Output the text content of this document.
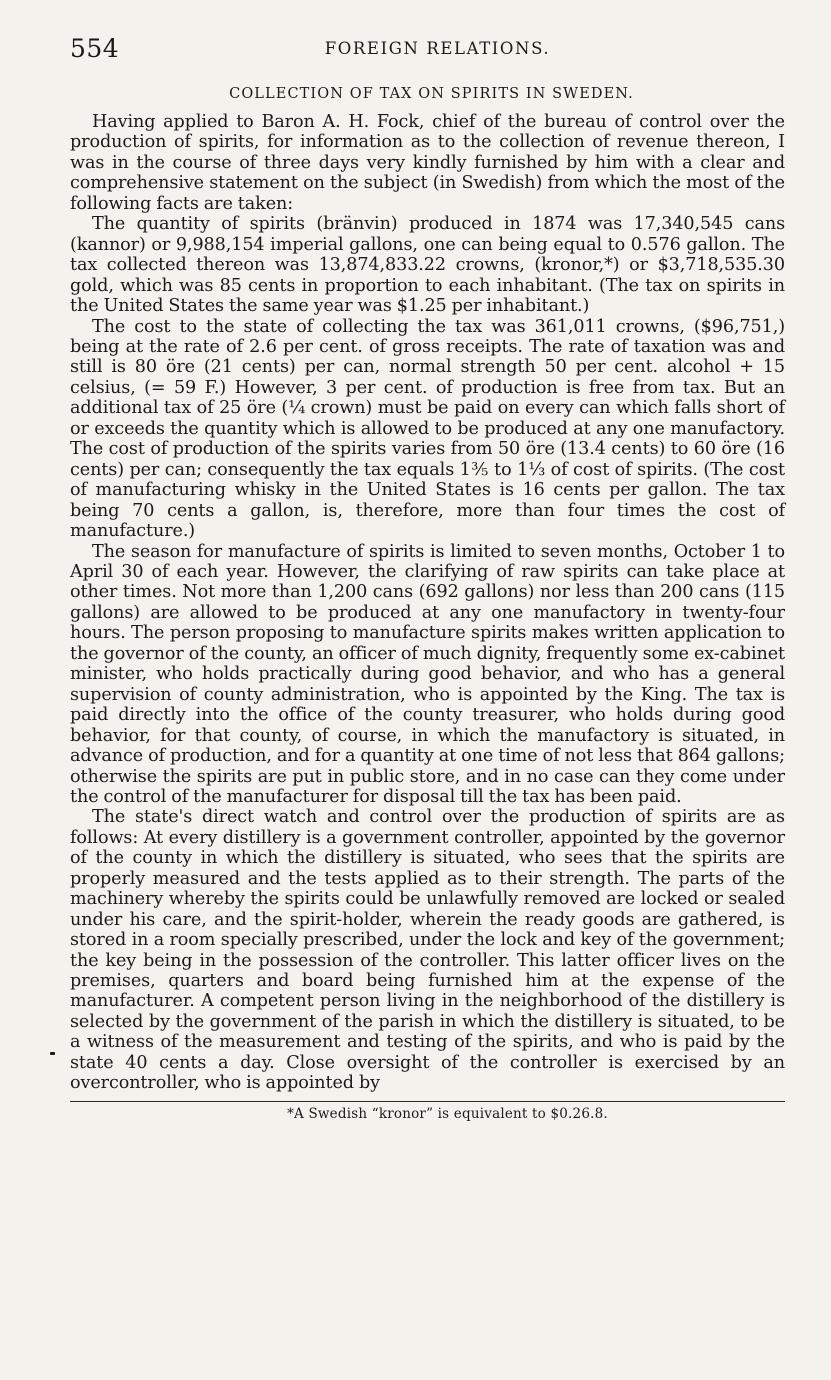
554	FOREIGN RELATIONS.
COLLECTION OF TAX ON SPIRITS IN SWEDEN.

Having applied to Baron A. H. Fock, chief of the bureau of control over the production of spirits, for information as to the collection of revenue thereon, I was in the course of three days very kindly furnished by him with a clear and comprehensive statement on the subject (in Swedish) from which the most of the following facts are taken:

The quantity of spirits (bränvin) produced in 1874 was 17,340,545 cans (kannor) or 9,988,154 imperial gallons, one can being equal to 0.576 gallon. The tax collected thereon was 13,874,833.22 crowns, (kronor,*) or $3,718,535.30 gold, which was 85 cents in proportion to each inhabitant. (The tax on spirits in the United States the same year was $1.25 per inhabitant.)

The cost to the state of collecting the tax was 361,011 crowns, ($96,751,) being at the rate of 2.6 per cent. of gross receipts. The rate of taxation was and still is 80 öre (21 cents) per can, normal strength 50 per cent. alcohol + 15 celsius, (= 59 F.) However, 3 per cent. of production is free from tax. But an additional tax of 25 öre (¼ crown) must be paid on every can which falls short of or exceeds the quantity which is allowed to be produced at any one manufactory. The cost of production of the spirits varies from 50 öre (13.4 cents) to 60 öre (16 cents) per can; consequently the tax equals 1⅗ to 1⅓ of cost of spirits. (The cost of manufacturing whisky in the United States is 16 cents per gallon. The tax being 70 cents a gallon, is, therefore, more than four times the cost of manufacture.)

The season for manufacture of spirits is limited to seven months, October 1 to April 30 of each year. However, the clarifying of raw spirits can take place at other times. Not more than 1,200 cans (692 gallons) nor less than 200 cans (115 gallons) are allowed to be produced at any one manufactory in twenty-four hours. The person proposing to manufacture spirits makes written application to the governor of the county, an officer of much dignity, frequently some ex-cabinet minister, who holds practically during good behavior, and who has a general supervision of county administration, who is appointed by the King. The tax is paid directly into the office of the county treasurer, who holds during good behavior, for that county, of course, in which the manufactory is situated, in advance of production, and for a quantity at one time of not less that 864 gallons; otherwise the spirits are put in public store, and in no case can they come under the control of the manufacturer for disposal till the tax has been paid.

The state's direct watch and control over the production of spirits are as follows: At every distillery is a government controller, appointed by the governor of the county in which the distillery is situated, who sees that the spirits are properly measured and the tests applied as to their strength. The parts of the machinery whereby the spirits could be unlawfully removed are locked or sealed under his care, and the spirit-holder, wherein the ready goods are gathered, is stored in a room specially prescribed, under the lock and key of the government; the key being in the possession of the controller. This latter officer lives on the premises, quarters and board being furnished him at the expense of the manufacturer. A competent person living in the neighborhood of the distillery is selected by the government of the parish in which the distillery is situated, to be a witness of the measurement and testing of the spirits, and who is paid by the state 40 cents a day. Close oversight of the controller is exercised by an overcontroller, who is appointed by

*A Swedish “kronor” is equivalent to $0.26.8.
